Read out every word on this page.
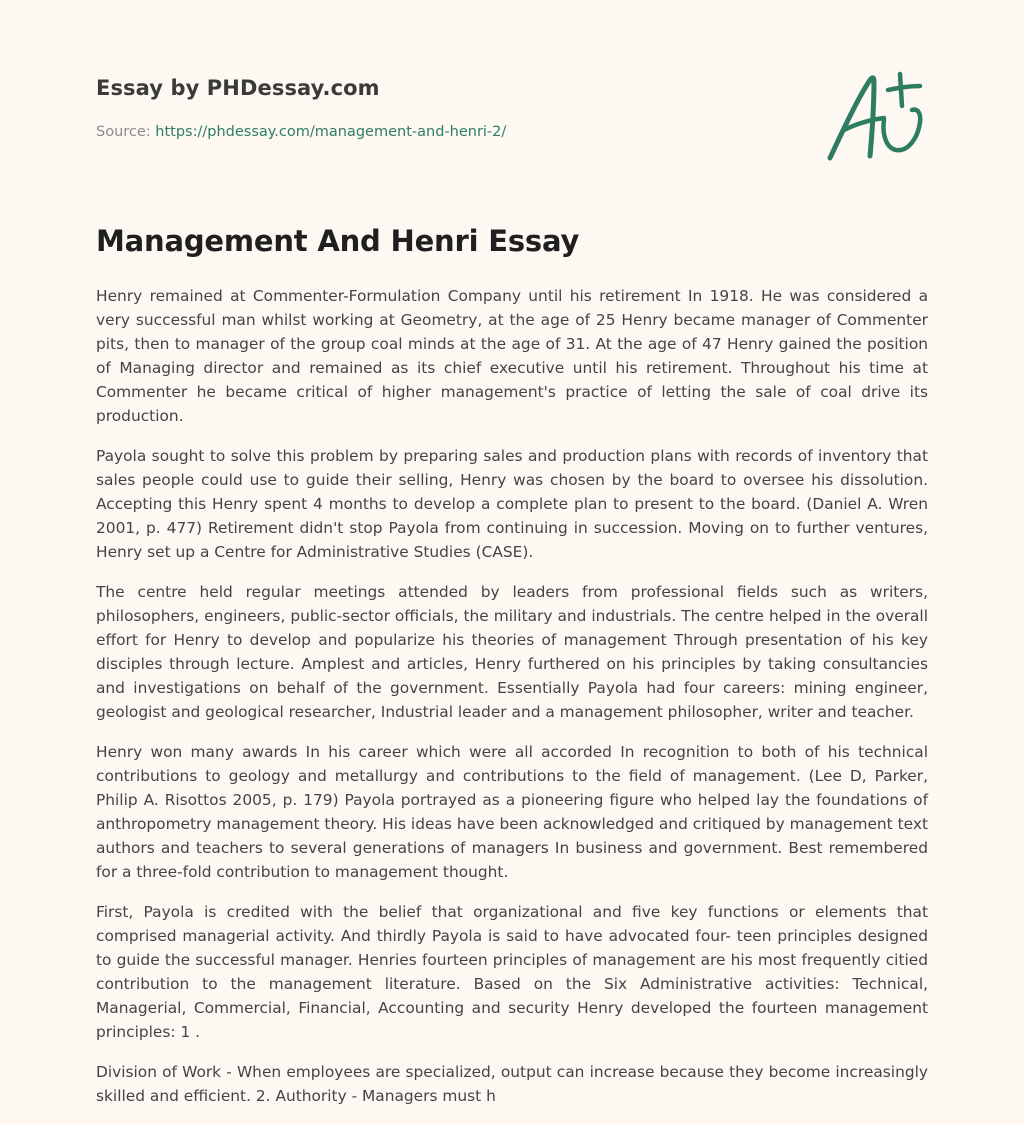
Essay by PHDessay.com
Source: https://phdessay.com/management-and-henri-2/
Management And Henri Essay

Henry remained at Commenter-Formulation Company until his retirement In 1918. He was considered a very successful man whilst working at Geometry, at the age of 25 Henry became manager of Commenter pits, then to manager of the group coal minds at the age of 31. At the age of 47 Henry gained the position of Managing director and remained as its chief executive until his retirement. Throughout his time at Commenter he became critical of higher management's practice of letting the sale of coal drive its production.

Payola sought to solve this problem by preparing sales and production plans with records of inventory that sales people could use to guide their selling, Henry was chosen by the board to oversee his dissolution. Accepting this Henry spent 4 months to develop a complete plan to present to the board. (Daniel A. Wren 2001, p. 477) Retirement didn't stop Payola from continuing in succession. Moving on to further ventures, Henry set up a Centre for Administrative Studies (CASE).

The centre held regular meetings attended by leaders from professional fields such as writers, philosophers, engineers, public-sector officials, the military and industrials. The centre helped in the overall effort for Henry to develop and popularize his theories of management Through presentation of his key disciples through lecture. Amplest and articles, Henry furthered on his principles by taking consultancies and investigations on behalf of the government. Essentially Payola had four careers: mining engineer, geologist and geological researcher, Industrial leader and a management philosopher, writer and teacher.

Henry won many awards In his career which were all accorded In recognition to both of his technical contributions to geology and metallurgy and contributions to the field of management. (Lee D, Parker, Philip A. Risottos 2005, p. 179) Payola portrayed as a pioneering figure who helped lay the foundations of anthropometry management theory. His ideas have been acknowledged and critiqued by management text authors and teachers to several generations of managers In business and government. Best remembered for a three-fold contribution to management thought.

First, Payola is credited with the belief that organizational and five key functions or elements that comprised managerial activity. And thirdly Payola is said to have advocated four- teen principles designed to guide the successful manager. Henries fourteen principles of management are his most frequently citied contribution to the management literature. Based on the Six Administrative activities: Technical, Managerial, Commercial, Financial, Accounting and security Henry developed the fourteen management principles: 1 .

Division of Work - When employees are specialized, output can increase because they become increasingly skilled and efficient. 2. Authority - Managers must h
